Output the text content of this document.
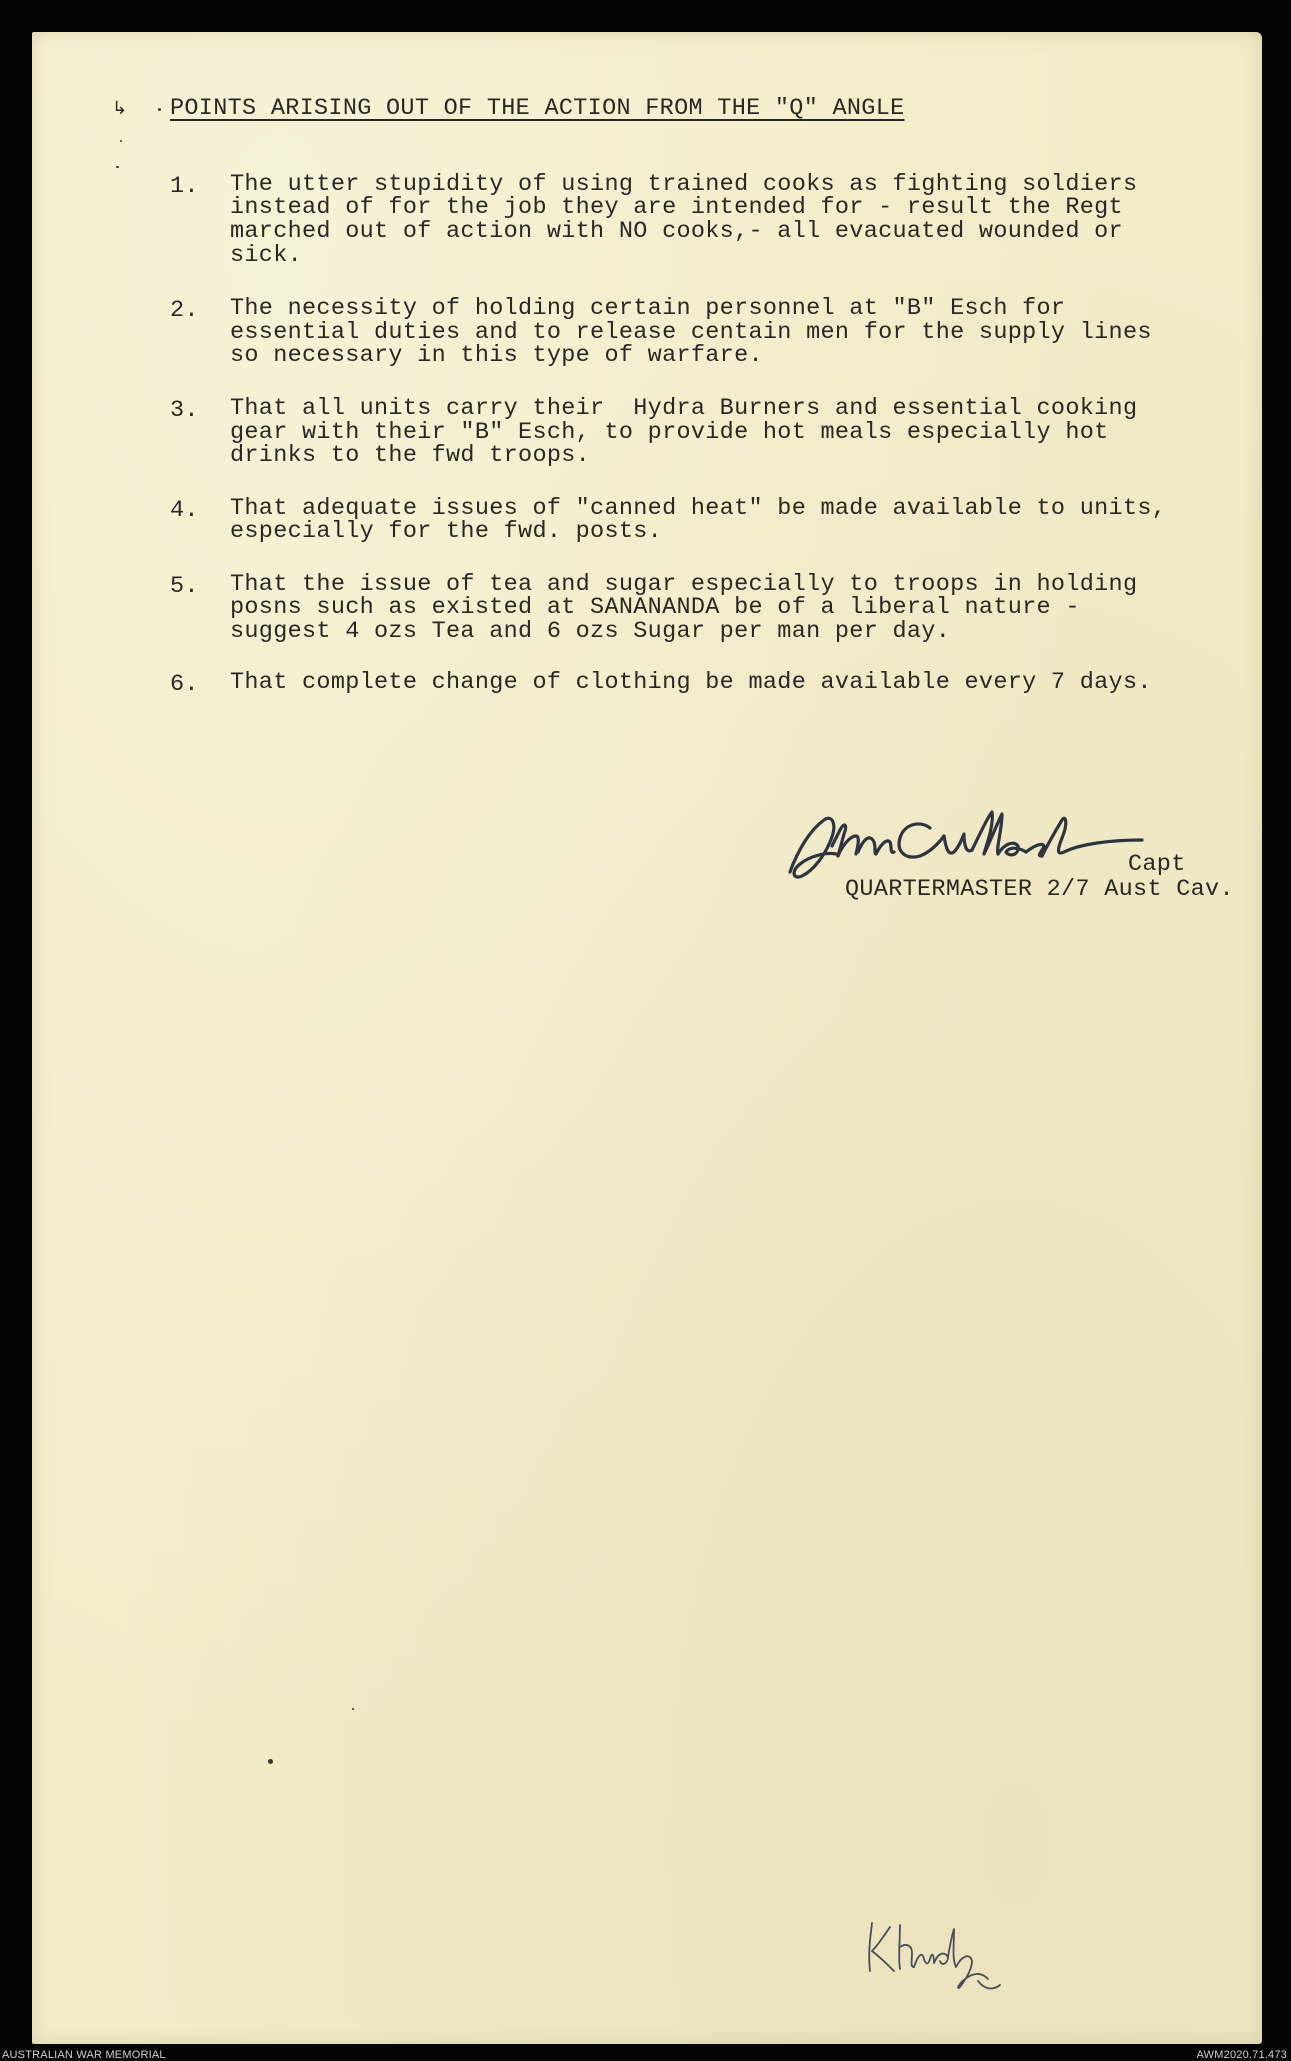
↳ POINTS ARISING OUT OF THE ACTION FROM THE "Q" ANGLE
1. The utter stupidity of using trained cooks as fighting soldiers
instead of for the job they are intended for - result the Regt
marched out of action with NO cooks,- all evacuated wounded or
sick.
2. The necessity of holding certain personnel at "B" Esch for
essential duties and to release centain men for the supply lines
so necessary in this type of warfare.
3. That all units carry their  Hydra Burners and essential cooking
gear with their "B" Esch, to provide hot meals especially hot
drinks to the fwd troops.
4. That adequate issues of "canned heat" be made available to units,
especially for the fwd. posts.
5. That the issue of tea and sugar especially to troops in holding
posns such as existed at SANANANDA be of a liberal nature -
suggest 4 ozs Tea and 6 ozs Sugar per man per day.
6. That complete change of clothing be made available every 7 days.
Capt
QUARTERMASTER 2/7 Aust Cav.
AUSTRALIAN WAR MEMORIAL	AWM2020.71.473
